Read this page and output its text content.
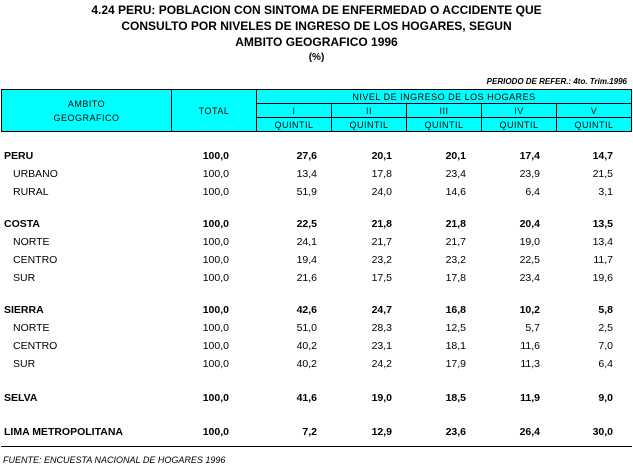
4.24 PERU: POBLACION CON SINTOMA DE ENFERMEDAD O ACCIDENTE QUE
CONSULTO POR NIVELES DE INGRESO DE LOS HOGARES, SEGUN
AMBITO GEOGRAFICO 1996
(%)
PERIODO DE REFER.: 4to. Trim.1996
AMBITO
GEOGRAFICO	TOTAL	NIVEL DE INGRESO DE LOS HOGARES				
		I	II	III	IV	V
		QUINTIL	QUINTIL	QUINTIL	QUINTIL	QUINTIL
PERU	100,0	27,6	20,1	20,1	17,4	14,7
URBANO	100,0	13,4	17,8	23,4	23,9	21,5
RURAL	100,0	51,9	24,0	14,6	6,4	3,1
COSTA	100,0	22,5	21,8	21,8	20,4	13,5
NORTE	100,0	24,1	21,7	21,7	19,0	13,4
CENTRO	100,0	19,4	23,2	23,2	22,5	11,7
SUR	100,0	21,6	17,5	17,8	23,4	19,6
SIERRA	100,0	42,6	24,7	16,8	10,2	5,8
NORTE	100,0	51,0	28,3	12,5	5,7	2,5
CENTRO	100,0	40,2	23,1	18,1	11,6	7,0
SUR	100,0	40,2	24,2	17,9	11,3	6,4
SELVA	100,0	41,6	19,0	18,5	11,9	9,0
LIMA METROPOLITANA	100,0	7,2	12,9	23,6	26,4	30,0
FUENTE: ENCUESTA NACIONAL DE HOGARES 1996
